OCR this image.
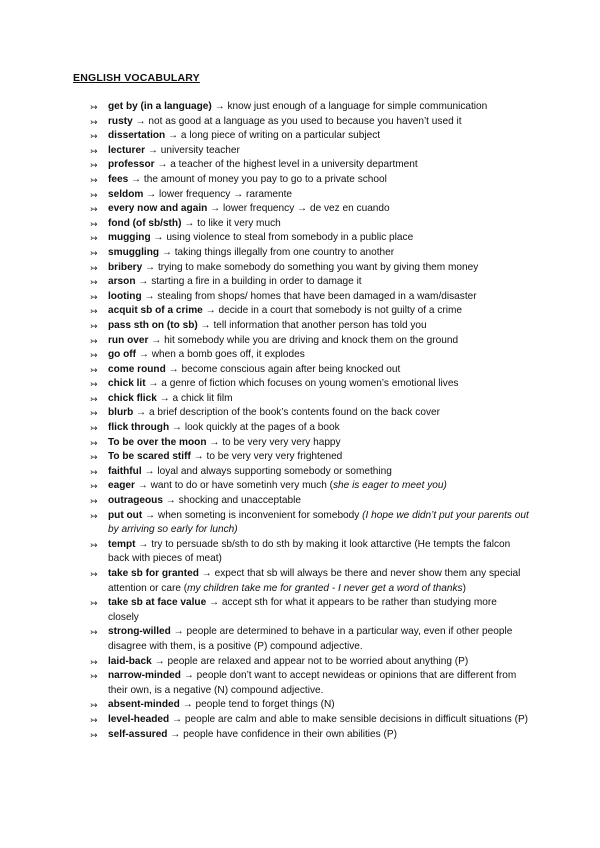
ENGLISH VOCABULARY
↣ get by (in a language) → know just enough of a language for simple communication
↣ rusty → not as good at a language as you used to because you haven’t used it
↣ dissertation → a long piece of writing on a particular subject
↣ lecturer → university teacher
↣ professor → a teacher of the highest level in a university department
↣ fees → the amount of money you pay to go to a private school
↣ seldom → lower frequency → raramente
↣ every now and again → lower frequency → de vez en cuando
↣ fond (of sb/sth) → to like it very much
↣ mugging → using violence to steal from somebody in a public place
↣ smuggling → taking things illegally from one country to another
↣ bribery → trying to make somebody do something you want by giving them money
↣ arson → starting a fire in a building in order to damage it
↣ looting → stealing from shops/ homes that have been damaged in a wam/disaster
↣ acquit sb of a crime → decide in a court that somebody is not guilty of a crime
↣ pass sth on (to sb) → tell information that another person has told you
↣ run over → hit somebody while you are driving and knock them on the ground
↣ go off → when a bomb goes off, it explodes
↣ come round → become conscious again after being knocked out
↣ chick lit → a genre of fiction which focuses on young women’s emotional lives
↣ chick flick → a chick lit film
↣ blurb → a brief description of the book’s contents found on the back cover
↣ flick through → look quickly at the pages of a book
↣ To be over the moon → to be very very very happy
↣ To be scared stiff → to be very very very frightened
↣ faithful → loyal and always supporting somebody or something
↣ eager → want to do or have sometinh very much (she is eager to meet you)
↣ outrageous → shocking and unacceptable
↣ put out → when someting is inconvenient for somebody (I hope we didn’t put your parents out by arriving so early for lunch)
↣ tempt → try to persuade sb/sth to do sth by making it look attarctive (He tempts the falcon back with pieces of meat)
↣ take sb for granted → expect that sb will always be there and never show them any special attention or care (my children take me for granted - I never get a word of thanks)
↣ take sb at face value → accept sth for what it appears to be rather than studying more closely
↣ strong-willed → people are determined to behave in a particular way, even if other people disagree with them, is a positive (P) compound adjective.
↣ laid-back → people are relaxed and appear not to be worried about anything (P)
↣ narrow-minded → people don’t want to accept newideas or opinions that are different from their own, is a negative (N) compound adjective.
↣ absent-minded → people tend to forget things (N)
↣ level-headed → people are calm and able to make sensible decisions in difficult situations (P)
↣ self-assured → people have confidence in their own abilities (P)
